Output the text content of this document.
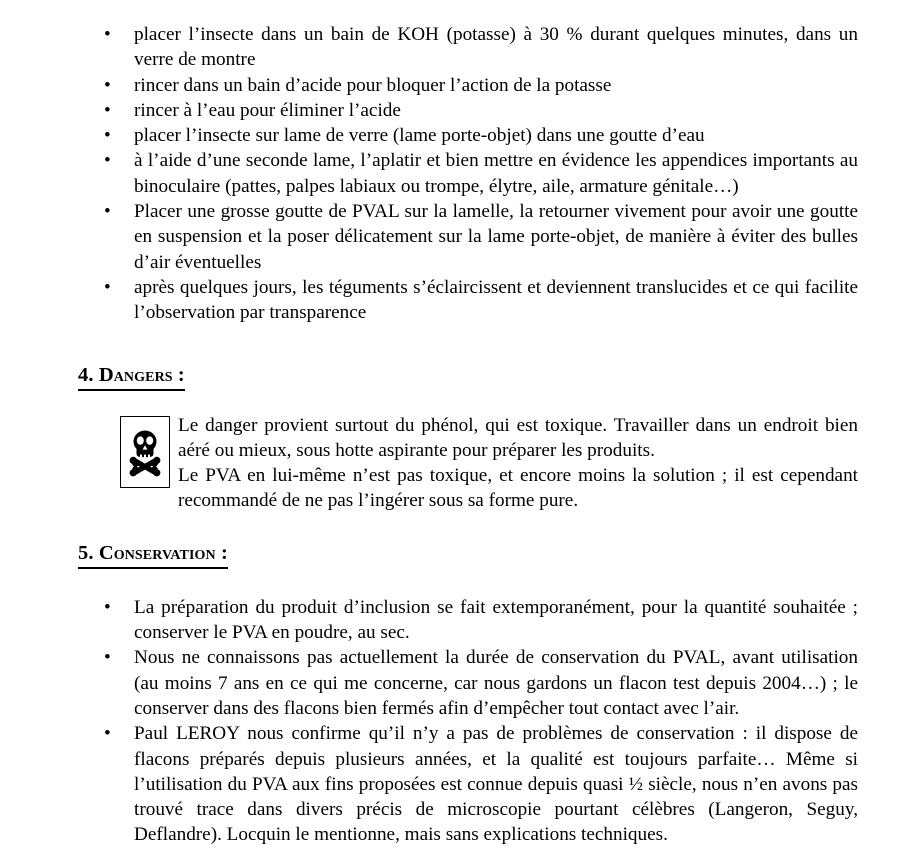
• placer l’insecte dans un bain de KOH (potasse) à 30 % durant quelques minutes, dans un verre de montre
• rincer dans un bain d’acide pour bloquer l’action de la potasse
• rincer à l’eau pour éliminer l’acide
• placer l’insecte sur lame de verre (lame porte-objet) dans une goutte d’eau
• à l’aide d’une seconde lame, l’aplatir et bien mettre en évidence les appendices importants au binoculaire (pattes, palpes labiaux ou trompe, élytre, aile, armature génitale…)
• Placer une grosse goutte de PVAL sur la lamelle, la retourner vivement pour avoir une goutte en suspension et la poser délicatement sur la lame porte-objet, de manière à éviter des bulles d’air éventuelles
• après quelques jours, les téguments s’éclaircissent et deviennent translucides et ce qui facilite l’observation par transparence
4. Dangers :

Le danger provient surtout du phénol, qui est toxique. Travailler dans un endroit bien aéré ou mieux, sous hotte aspirante pour préparer les produits.

Le PVA en lui-même n’est pas toxique, et encore moins la solution ; il est cependant recommandé de ne pas l’ingérer sous sa forme pure.

5. Conservation :
• La préparation du produit d’inclusion se fait extemporanément, pour la quantité souhaitée ; conserver le PVA en poudre, au sec.
• Nous ne connaissons pas actuellement la durée de conservation du PVAL, avant utilisation (au moins 7 ans en ce qui me concerne, car nous gardons un flacon test depuis 2004…) ; le conserver dans des flacons bien fermés afin d’empêcher tout contact avec l’air.
• Paul LEROY nous confirme qu’il n’y a pas de problèmes de conservation : il dispose de flacons préparés depuis plusieurs années, et la qualité est toujours parfaite… Même si l’utilisation du PVA aux fins proposées est connue depuis quasi ½ siècle, nous n’en avons pas trouvé trace dans divers précis de microscopie pourtant célèbres (Langeron, Seguy, Deflandre). Locquin le mentionne, mais sans explications techniques.
